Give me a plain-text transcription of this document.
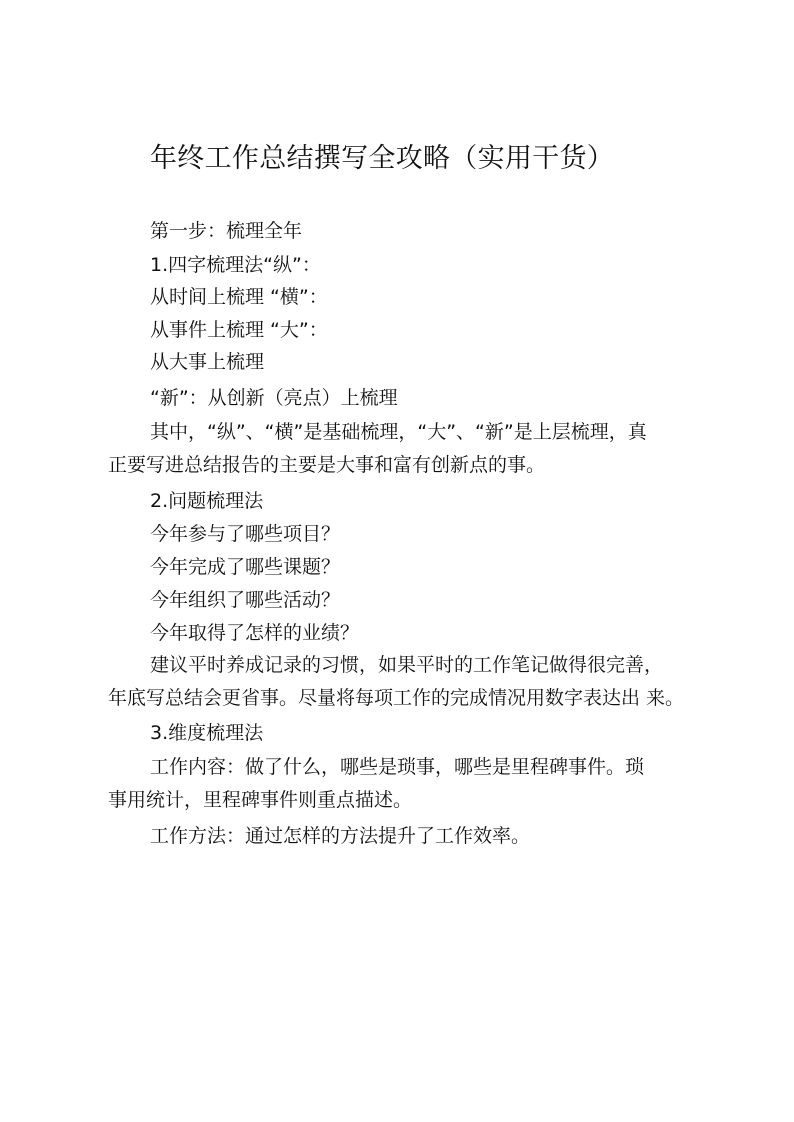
年终工作总结撰写全攻略（实用干货）
第一步：梳理全年
1.四字梳理法“纵”：
从时间上梳理 “横”：
从事件上梳理 “大”：
从大事上梳理
“新”：从创新（亮点）上梳理
其中，“纵”、“横”是基础梳理，“大”、“新”是上层梳理，真
正要写进总结报告的主要是大事和富有创新点的事。
2.问题梳理法
今年参与了哪些项目？
今年完成了哪些课题？
今年组织了哪些活动？
今年取得了怎样的业绩？
建议平时养成记录的习惯，如果平时的工作笔记做得很完善，
年底写总结会更省事。尽量将每项工作的完成情况用数字表达出 来。
3.维度梳理法
工作内容：做了什么，哪些是琐事，哪些是里程碑事件。琐
事用统计，里程碑事件则重点描述。
工作方法：通过怎样的方法提升了工作效率。
